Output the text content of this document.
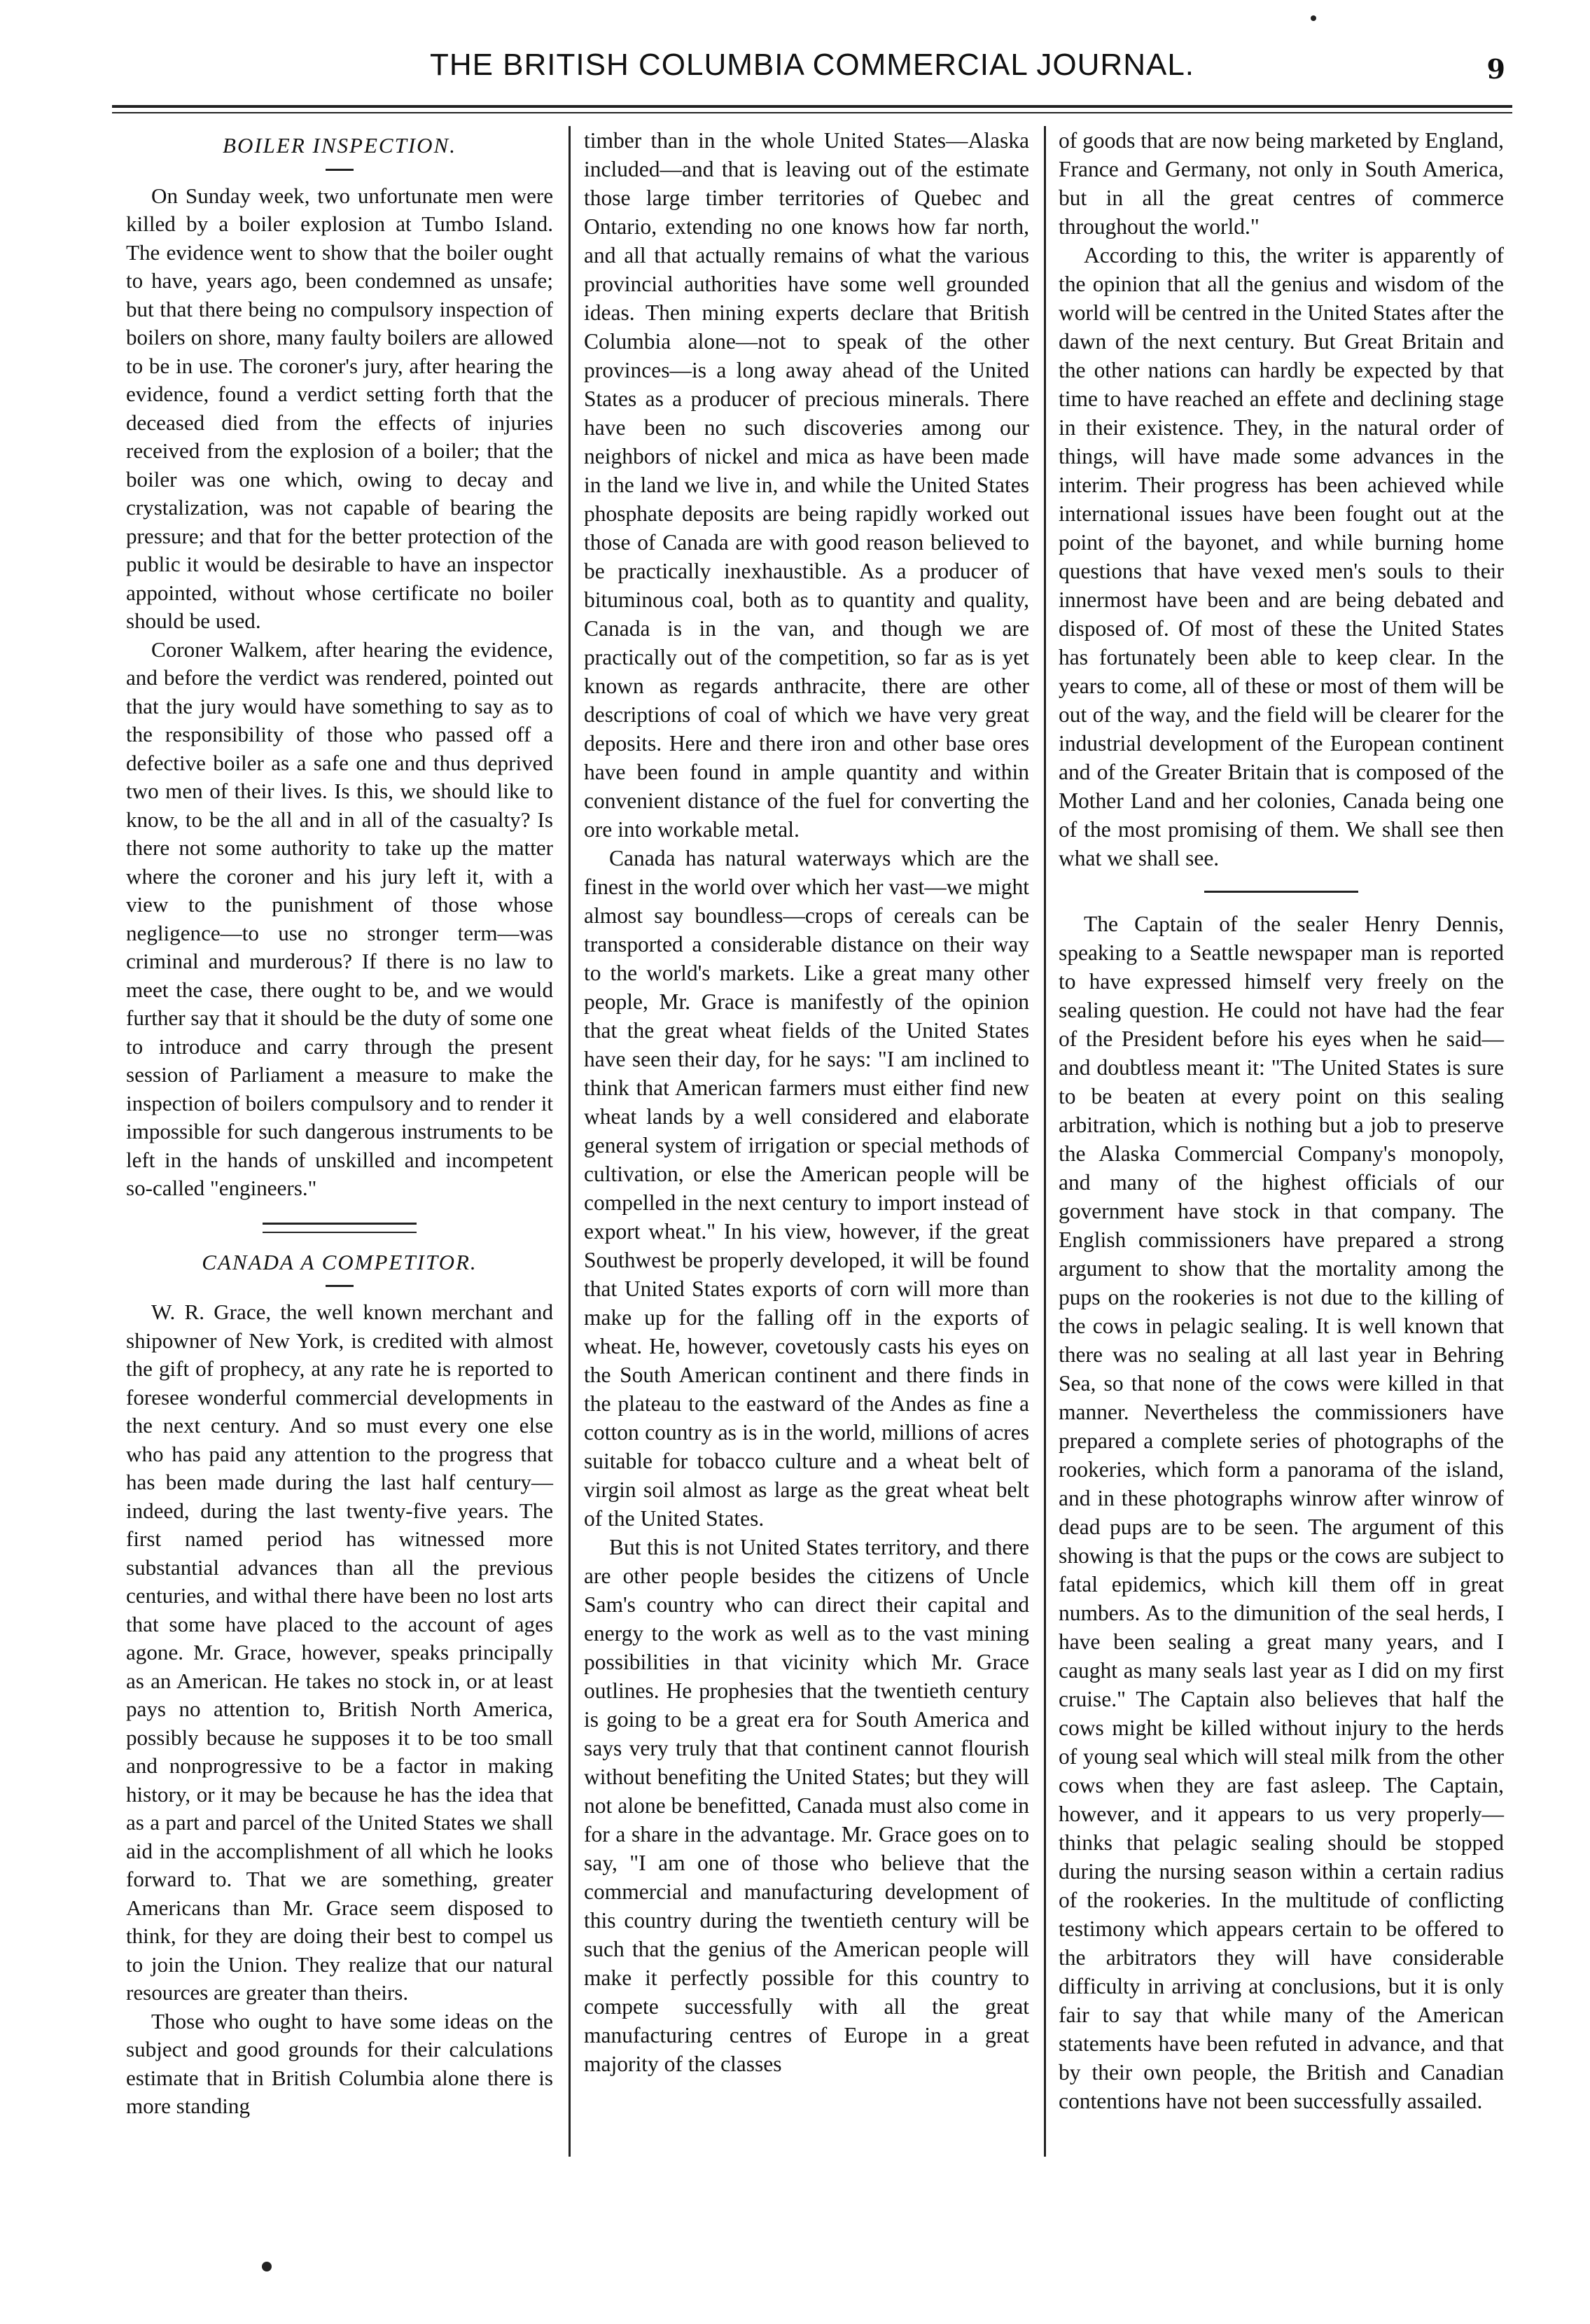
THE BRITISH COLUMBIA COMMERCIAL JOURNAL.	9

BOILER INSPECTION.

On Sunday week, two unfortunate men were killed by a boiler explosion at Tumbo Island. The evidence went to show that the boiler ought to have, years ago, been condemned as unsafe; but that there being no compulsory inspection of boilers on shore, many faulty boilers are allowed to be in use. The coroner's jury, after hearing the evidence, found a verdict setting forth that the deceased died from the effects of injuries received from the explosion of a boiler; that the boiler was one which, owing to decay and crystalization, was not capable of bearing the pressure; and that for the better protection of the public it would be desirable to have an inspector appointed, without whose certificate no boiler should be used.

Coroner Walkem, after hearing the evidence, and before the verdict was rendered, pointed out that the jury would have something to say as to the responsibility of those who passed off a defective boiler as a safe one and thus deprived two men of their lives. Is this, we should like to know, to be the all and in all of the casualty? Is there not some authority to take up the matter where the coroner and his jury left it, with a view to the punishment of those whose negligence—to use no stronger term—was criminal and murderous? If there is no law to meet the case, there ought to be, and we would further say that it should be the duty of some one to introduce and carry through the present session of Parliament a measure to make the inspection of boilers compulsory and to render it impossible for such dangerous instruments to be left in the hands of unskilled and incompetent so-called "engineers."

CANADA A COMPETITOR.

W. R. Grace, the well known merchant and shipowner of New York, is credited with almost the gift of prophecy, at any rate he is reported to foresee wonderful commercial developments in the next century. And so must every one else who has paid any attention to the progress that has been made during the last half century—indeed, during the last twenty-five years. The first named period has witnessed more substantial advances than all the previous centuries, and withal there have been no lost arts that some have placed to the account of ages agone. Mr. Grace, however, speaks principally as an American. He takes no stock in, or at least pays no attention to, British North America, possibly because he supposes it to be too small and nonprogressive to be a factor in making history, or it may be because he has the idea that as a part and parcel of the United States we shall aid in the accomplishment of all which he looks forward to. That we are something, greater Americans than Mr. Grace seem disposed to think, for they are doing their best to compel us to join the Union. They realize that our natural resources are greater than theirs.

Those who ought to have some ideas on the subject and good grounds for their calculations estimate that in British Columbia alone there is more standing

timber than in the whole United States—Alaska included—and that is leaving out of the estimate those large timber territories of Quebec and Ontario, extending no one knows how far north, and all that actually remains of what the various provincial authorities have some well grounded ideas. Then mining experts declare that British Columbia alone—not to speak of the other provinces—is a long away ahead of the United States as a producer of precious minerals. There have been no such discoveries among our neighbors of nickel and mica as have been made in the land we live in, and while the United States phosphate deposits are being rapidly worked out those of Canada are with good reason believed to be practically inexhaustible. As a producer of bituminous coal, both as to quantity and quality, Canada is in the van, and though we are practically out of the competition, so far as is yet known as regards anthracite, there are other descriptions of coal of which we have very great deposits. Here and there iron and other base ores have been found in ample quantity and within convenient distance of the fuel for converting the ore into workable metal.

Canada has natural waterways which are the finest in the world over which her vast—we might almost say boundless—crops of cereals can be transported a considerable distance on their way to the world's markets. Like a great many other people, Mr. Grace is manifestly of the opinion that the great wheat fields of the United States have seen their day, for he says: "I am inclined to think that American farmers must either find new wheat lands by a well considered and elaborate general system of irrigation or special methods of cultivation, or else the American people will be compelled in the next century to import instead of export wheat." In his view, however, if the great Southwest be properly developed, it will be found that United States exports of corn will more than make up for the falling off in the exports of wheat. He, however, covetously casts his eyes on the South American continent and there finds in the plateau to the eastward of the Andes as fine a cotton country as is in the world, millions of acres suitable for tobacco culture and a wheat belt of virgin soil almost as large as the great wheat belt of the United States.

But this is not United States territory, and there are other people besides the citizens of Uncle Sam's country who can direct their capital and energy to the work as well as to the vast mining possibilities in that vicinity which Mr. Grace outlines. He prophesies that the twentieth century is going to be a great era for South America and says very truly that that continent cannot flourish without benefiting the United States; but they will not alone be benefitted, Canada must also come in for a share in the advantage. Mr. Grace goes on to say, "I am one of those who believe that the commercial and manufacturing development of this country during the twentieth century will be such that the genius of the American people will make it perfectly possible for this country to compete successfully with all the great manufacturing centres of Europe in a great majority of the classes

of goods that are now being marketed by England, France and Germany, not only in South America, but in all the great centres of commerce throughout the world."

According to this, the writer is apparently of the opinion that all the genius and wisdom of the world will be centred in the United States after the dawn of the next century. But Great Britain and the other nations can hardly be expected by that time to have reached an effete and declining stage in their existence. They, in the natural order of things, will have made some advances in the interim. Their progress has been achieved while international issues have been fought out at the point of the bayonet, and while burning home questions that have vexed men's souls to their innermost have been and are being debated and disposed of. Of most of these the United States has fortunately been able to keep clear. In the years to come, all of these or most of them will be out of the way, and the field will be clearer for the industrial development of the European continent and of the Greater Britain that is composed of the Mother Land and her colonies, Canada being one of the most promising of them. We shall see then what we shall see.

The Captain of the sealer Henry Dennis, speaking to a Seattle newspaper man is reported to have expressed himself very freely on the sealing question. He could not have had the fear of the President before his eyes when he said—and doubtless meant it: "The United States is sure to be beaten at every point on this sealing arbitration, which is nothing but a job to preserve the Alaska Commercial Company's monopoly, and many of the highest officials of our government have stock in that company. The English commissioners have prepared a strong argument to show that the mortality among the pups on the rookeries is not due to the killing of the cows in pelagic sealing. It is well known that there was no sealing at all last year in Behring Sea, so that none of the cows were killed in that manner. Nevertheless the commissioners have prepared a complete series of photographs of the rookeries, which form a panorama of the island, and in these photographs winrow after winrow of dead pups are to be seen. The argument of this showing is that the pups or the cows are subject to fatal epidemics, which kill them off in great numbers. As to the dimunition of the seal herds, I have been sealing a great many years, and I caught as many seals last year as I did on my first cruise." The Captain also believes that half the cows might be killed without injury to the herds of young seal which will steal milk from the other cows when they are fast asleep. The Captain, however, and it appears to us very properly—thinks that pelagic sealing should be stopped during the nursing season within a certain radius of the rookeries. In the multitude of conflicting testimony which appears certain to be offered to the arbitrators they will have considerable difficulty in arriving at conclusions, but it is only fair to say that while many of the American statements have been refuted in advance, and that by their own people, the British and Canadian contentions have not been successfully assailed.
